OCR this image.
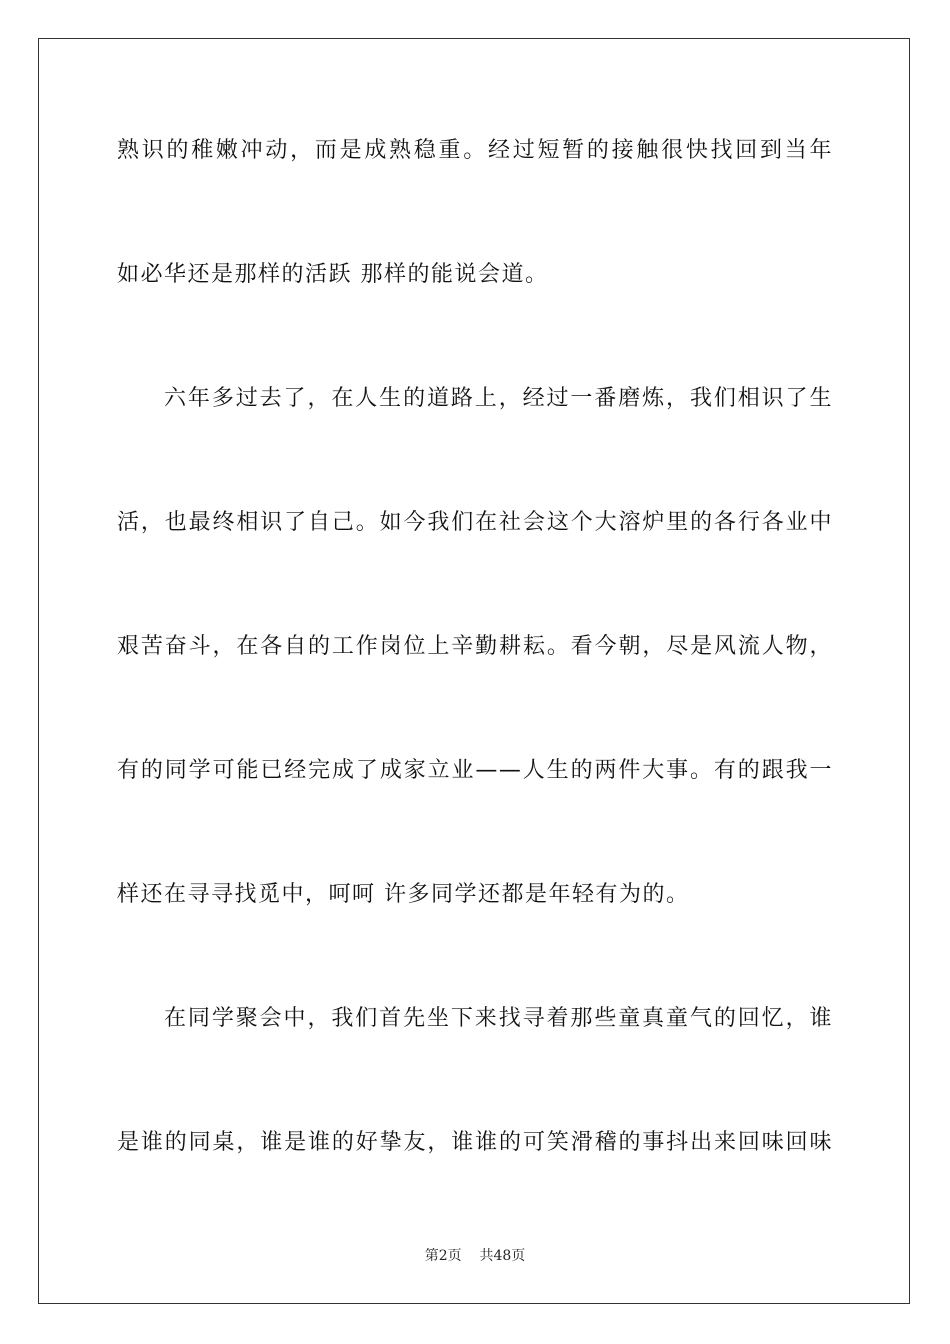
熟识的稚嫩冲动，而是成熟稳重。经过短暂的接触很快找回到当年
如必华还是那样的活跃 那样的能说会道。
六年多过去了，在人生的道路上，经过一番磨炼，我们相识了生
活，也最终相识了自己。如今我们在社会这个大溶炉里的各行各业中
艰苦奋斗，在各自的工作岗位上辛勤耕耘。看今朝，尽是风流人物，
有的同学可能已经完成了成家立业——人生的两件大事。有的跟我一
样还在寻寻找觅中，呵呵 许多同学还都是年轻有为的。
在同学聚会中，我们首先坐下来找寻着那些童真童气的回忆，谁
是谁的同桌，谁是谁的好挚友，谁谁的可笑滑稽的事抖出来回味回味
第2页 共48页
